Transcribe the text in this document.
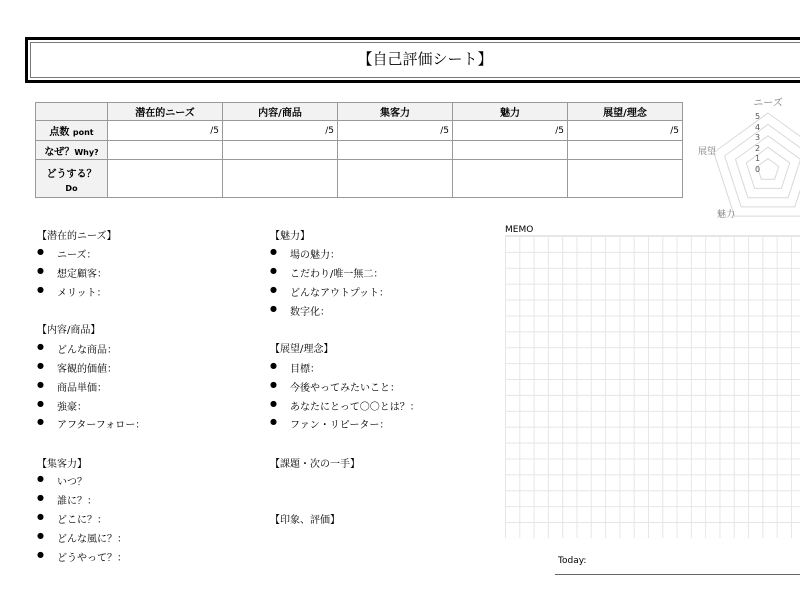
【自己評価シート】
	潜在的ニーズ	内容/商品	集客力	魅力	展望/理念
点数 pont	/5	/5	/5	/5	/5
なぜ？Why?					

どうする？
Do					

ニーズ
展望
魅力
5
4
3
2
1
0
【潜在的ニーズ】
● ニーズ：
● 想定顧客：
● メリット：
【内容/商品】
● どんな商品：
● 客観的価値：
● 商品単価：
● 強豪：
● アフターフォロー：
【集客力】
● いつ？
● 誰に？：
● どこに？：
● どんな風に？：
● どうやって？：
【魅力】
● 場の魅力：
● こだわり/唯一無二：
● どんなアウトプット：
● 数字化：
【展望/理念】
● 目標：
● 今後やってみたいこと：
● あなたにとって〇〇とは？：
● ファン・リピーター：
【課題・次の一手】
【印象、評価】
MEMO
Today:
